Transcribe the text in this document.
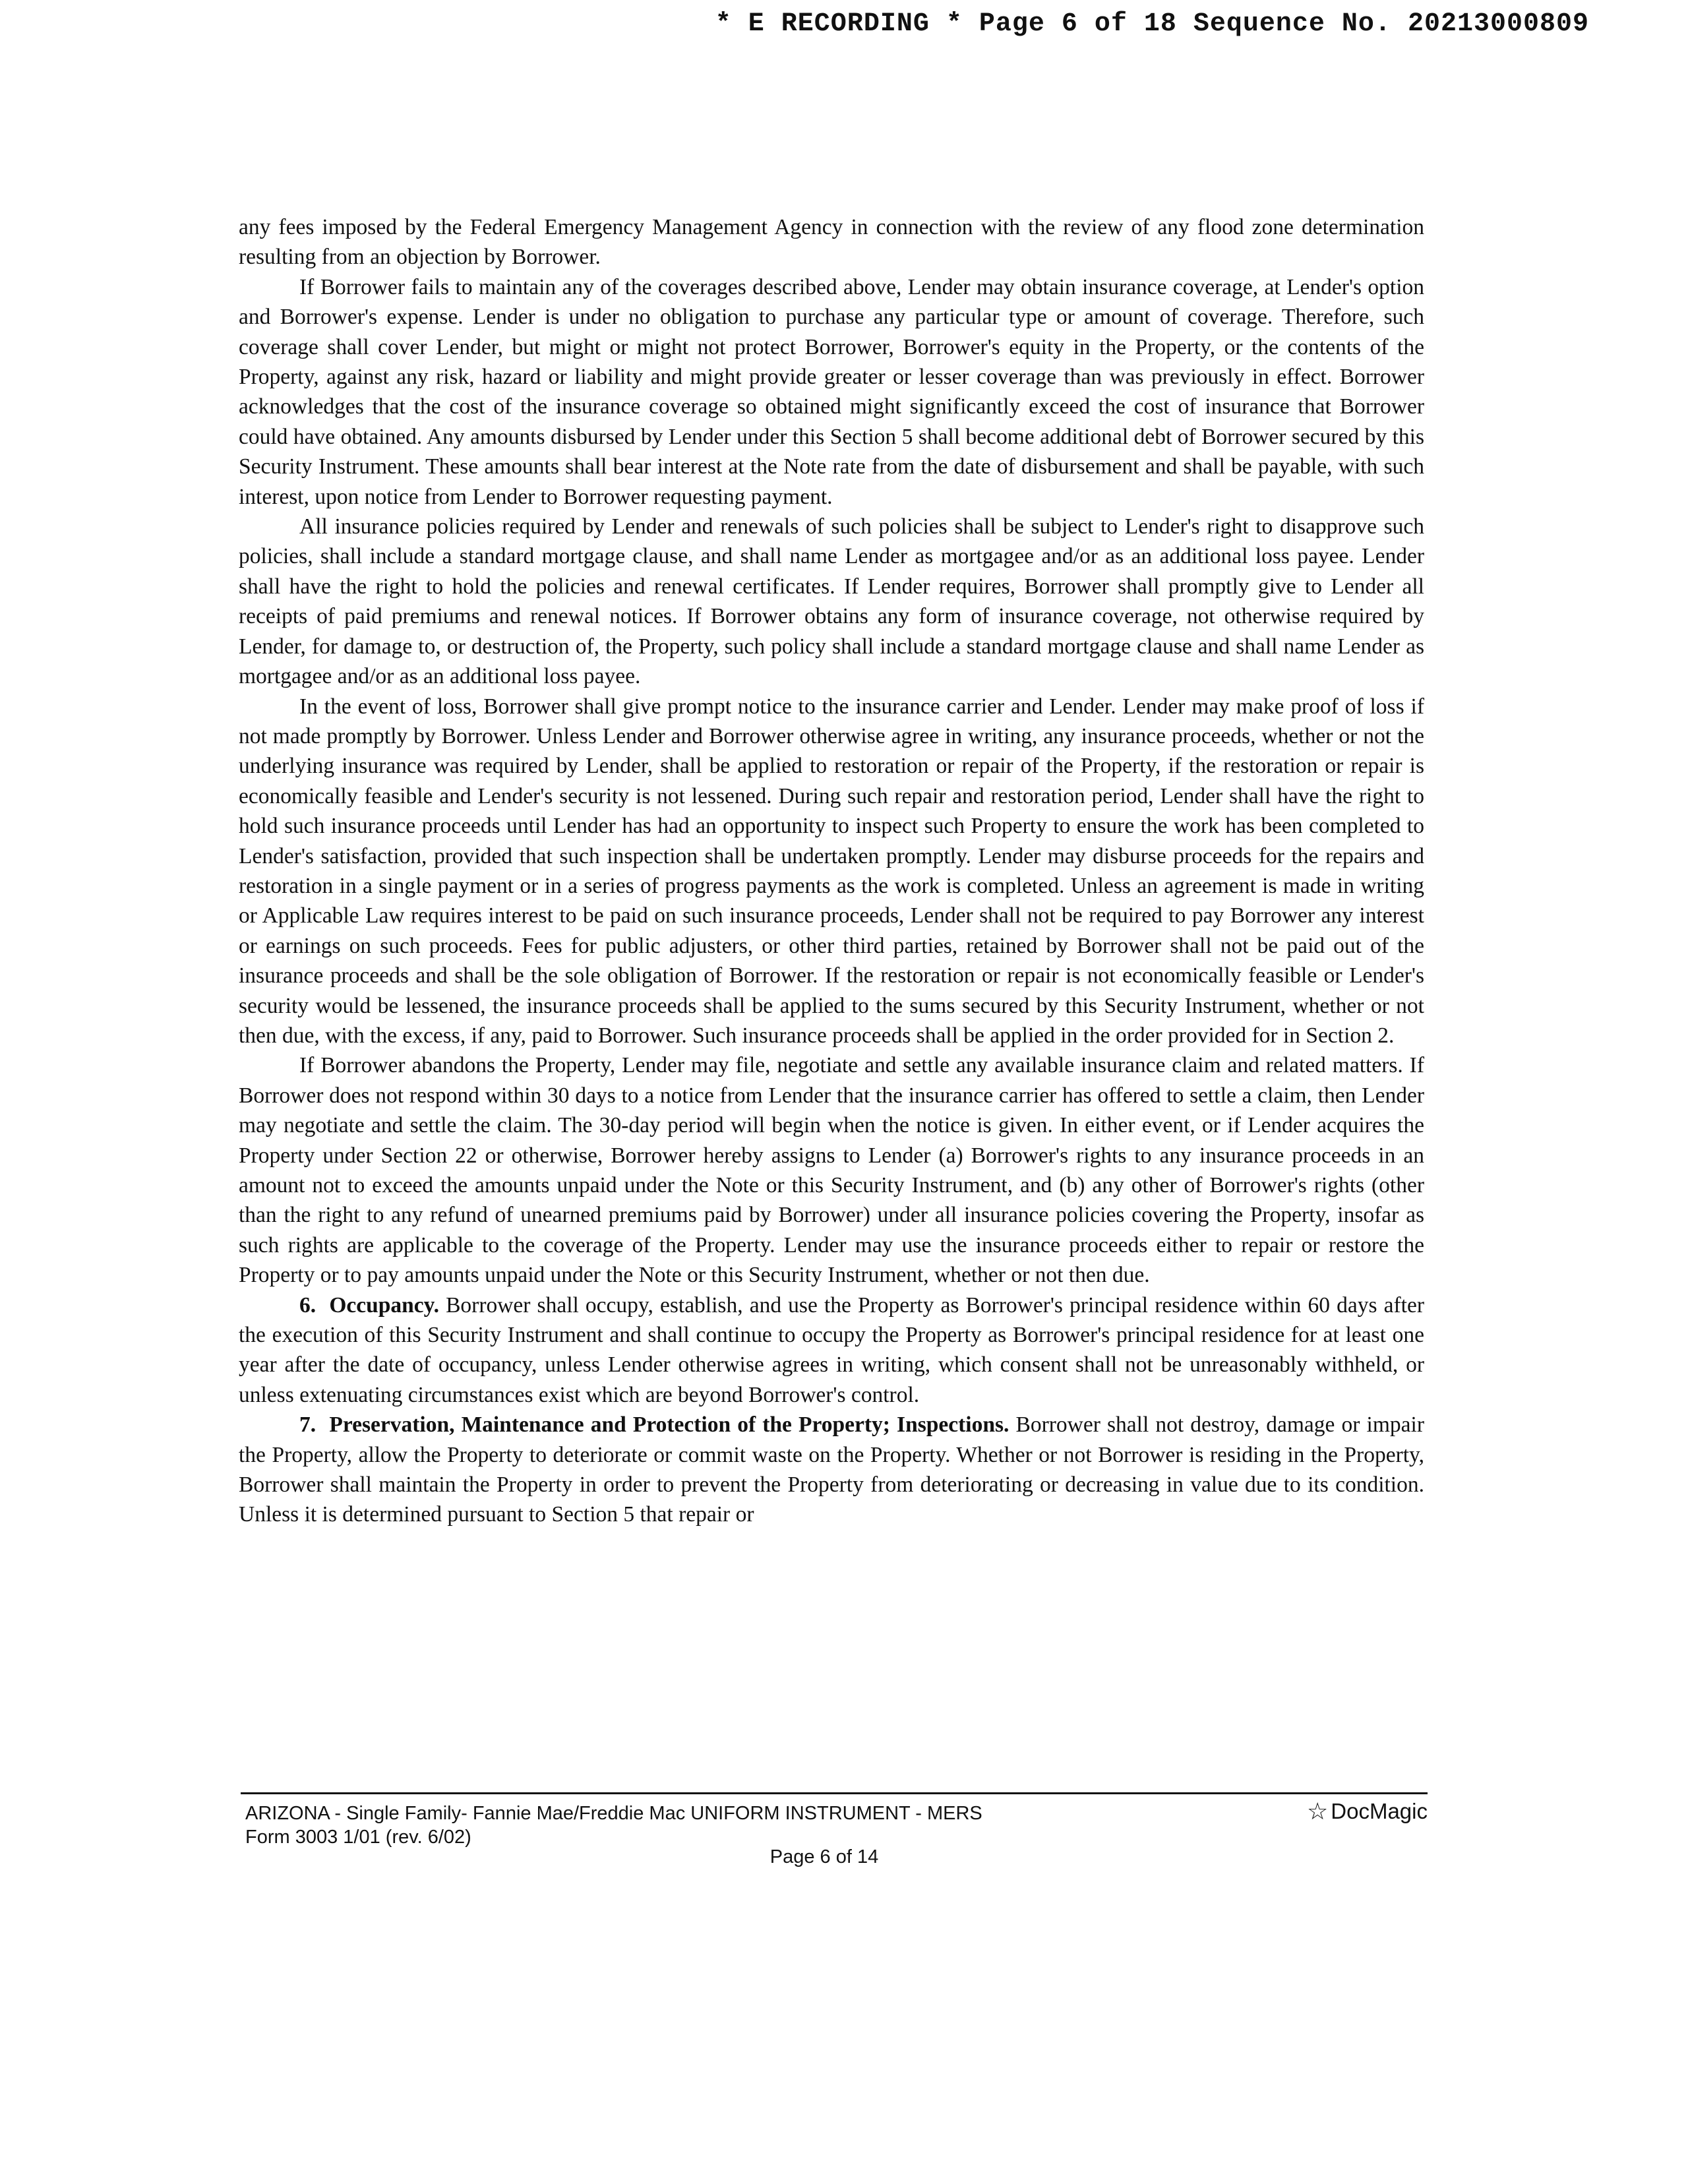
* E RECORDING * Page 6 of 18 Sequence No. 20213000809

any fees imposed by the Federal Emergency Management Agency in connection with the review of any flood zone determination resulting from an objection by Borrower.

If Borrower fails to maintain any of the coverages described above, Lender may obtain insurance coverage, at Lender's option and Borrower's expense. Lender is under no obligation to purchase any particular type or amount of coverage. Therefore, such coverage shall cover Lender, but might or might not protect Borrower, Borrower's equity in the Property, or the contents of the Property, against any risk, hazard or liability and might provide greater or lesser coverage than was previously in effect. Borrower acknowledges that the cost of the insurance coverage so obtained might significantly exceed the cost of insurance that Borrower could have obtained. Any amounts disbursed by Lender under this Section 5 shall become additional debt of Borrower secured by this Security Instrument. These amounts shall bear interest at the Note rate from the date of disbursement and shall be payable, with such interest, upon notice from Lender to Borrower requesting payment.

All insurance policies required by Lender and renewals of such policies shall be subject to Lender's right to disapprove such policies, shall include a standard mortgage clause, and shall name Lender as mortgagee and/or as an additional loss payee. Lender shall have the right to hold the policies and renewal certificates. If Lender requires, Borrower shall promptly give to Lender all receipts of paid premiums and renewal notices. If Borrower obtains any form of insurance coverage, not otherwise required by Lender, for damage to, or destruction of, the Property, such policy shall include a standard mortgage clause and shall name Lender as mortgagee and/or as an additional loss payee.

In the event of loss, Borrower shall give prompt notice to the insurance carrier and Lender. Lender may make proof of loss if not made promptly by Borrower. Unless Lender and Borrower otherwise agree in writing, any insurance proceeds, whether or not the underlying insurance was required by Lender, shall be applied to restoration or repair of the Property, if the restoration or repair is economically feasible and Lender's security is not lessened. During such repair and restoration period, Lender shall have the right to hold such insurance proceeds until Lender has had an opportunity to inspect such Property to ensure the work has been completed to Lender's satisfaction, provided that such inspection shall be undertaken promptly. Lender may disburse proceeds for the repairs and restoration in a single payment or in a series of progress payments as the work is completed. Unless an agreement is made in writing or Applicable Law requires interest to be paid on such insurance proceeds, Lender shall not be required to pay Borrower any interest or earnings on such proceeds. Fees for public adjusters, or other third parties, retained by Borrower shall not be paid out of the insurance proceeds and shall be the sole obligation of Borrower. If the restoration or repair is not economically feasible or Lender's security would be lessened, the insurance proceeds shall be applied to the sums secured by this Security Instrument, whether or not then due, with the excess, if any, paid to Borrower. Such insurance proceeds shall be applied in the order provided for in Section 2.

If Borrower abandons the Property, Lender may file, negotiate and settle any available insurance claim and related matters. If Borrower does not respond within 30 days to a notice from Lender that the insurance carrier has offered to settle a claim, then Lender may negotiate and settle the claim. The 30-day period will begin when the notice is given. In either event, or if Lender acquires the Property under Section 22 or otherwise, Borrower hereby assigns to Lender (a) Borrower's rights to any insurance proceeds in an amount not to exceed the amounts unpaid under the Note or this Security Instrument, and (b) any other of Borrower's rights (other than the right to any refund of unearned premiums paid by Borrower) under all insurance policies covering the Property, insofar as such rights are applicable to the coverage of the Property. Lender may use the insurance proceeds either to repair or restore the Property or to pay amounts unpaid under the Note or this Security Instrument, whether or not then due.

6. Occupancy. Borrower shall occupy, establish, and use the Property as Borrower's principal residence within 60 days after the execution of this Security Instrument and shall continue to occupy the Property as Borrower's principal residence for at least one year after the date of occupancy, unless Lender otherwise agrees in writing, which consent shall not be unreasonably withheld, or unless extenuating circumstances exist which are beyond Borrower's control.

7. Preservation, Maintenance and Protection of the Property; Inspections. Borrower shall not destroy, damage or impair the Property, allow the Property to deteriorate or commit waste on the Property. Whether or not Borrower is residing in the Property, Borrower shall maintain the Property in order to prevent the Property from deteriorating or decreasing in value due to its condition. Unless it is determined pursuant to Section 5 that repair or

ARIZONA - Single Family- Fannie Mae/Freddie Mac UNIFORM INSTRUMENT - MERS
Form 3003 1/01 (rev. 6/02)
☆ DocMagic
Page 6 of 14
